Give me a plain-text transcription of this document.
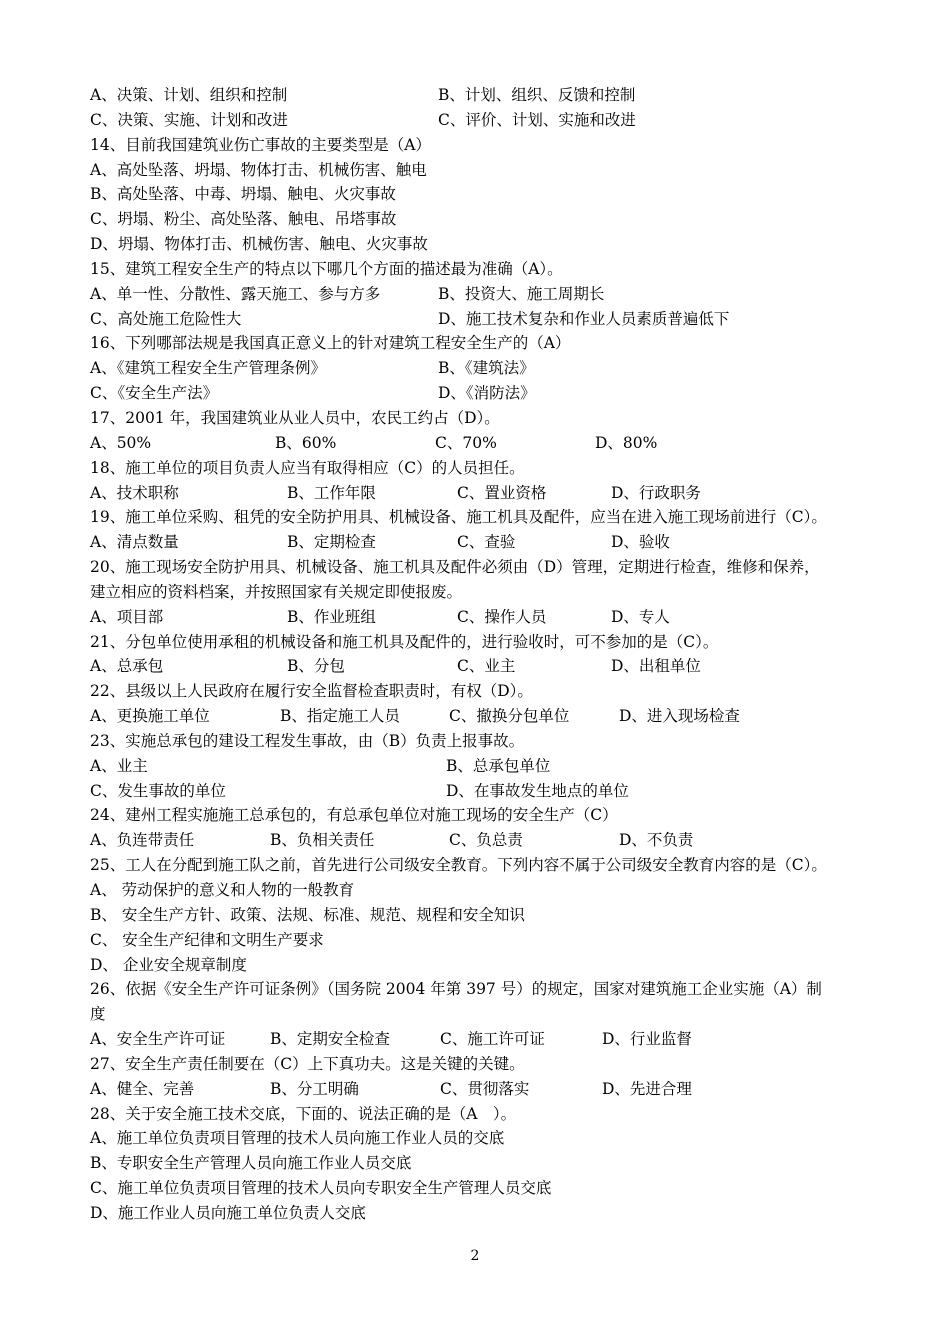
A、决策、计划、组织和控制	B、计划、组织、反馈和控制
C、决策、实施、计划和改进	C、评价、计划、实施和改进
14、目前我国建筑业伤亡事故的主要类型是（A）
A、高处坠落、坍塌、物体打击、机械伤害、触电
B、高处坠落、中毒、坍塌、触电、火灾事故
C、坍塌、粉尘、高处坠落、触电、吊塔事故
D、坍塌、物体打击、机械伤害、触电、火灾事故
15、建筑工程安全生产的特点以下哪几个方面的描述最为准确（A）。
A、单一性、分散性、露天施工、参与方多	B、投资大、施工周期长
C、高处施工危险性大	D、施工技术复杂和作业人员素质普遍低下
16、下列哪部法规是我国真正意义上的针对建筑工程安全生产的（A）
A、《建筑工程安全生产管理条例》	B、《建筑法》
C、《安全生产法》	D、《消防法》
17、2001 年，我国建筑业从业人员中，农民工约占（D）。
A、50%	B、60%	C、70%	D、80%
18、施工单位的项目负责人应当有取得相应（C）的人员担任。
A、技术职称	B、工作年限	C、置业资格	D、行政职务
19、施工单位采购、租凭的安全防护用具、机械设备、施工机具及配件，应当在进入施工现场前进行（C）。
A、清点数量	B、定期检查	C、查验	D、验收
20、施工现场安全防护用具、机械设备、施工机具及配件必须由（D）管理，定期进行检查，维修和保养，
建立相应的资料档案，并按照国家有关规定即使报废。
A、项目部	B、作业班组	C、操作人员	D、专人
21、分包单位使用承租的机械设备和施工机具及配件的，进行验收时，可不参加的是（C）。
A、总承包	B、分包	C、业主	D、出租单位
22、县级以上人民政府在履行安全监督检查职责时，有权（D）。
A、更换施工单位	B、指定施工人员	C、撤换分包单位	D、进入现场检查
23、实施总承包的建设工程发生事故，由（B）负责上报事故。
A、业主	B、总承包单位
C、发生事故的单位	D、在事故发生地点的单位
24、建州工程实施施工总承包的，有总承包单位对施工现场的安全生产（C）
A、负连带责任	B、负相关责任	C、负总责	D、不负责
25、工人在分配到施工队之前，首先进行公司级安全教育。下列内容不属于公司级安全教育内容的是（C）。
A、 劳动保护的意义和人物的一般教育
B、 安全生产方针、政策、法规、标准、规范、规程和安全知识
C、 安全生产纪律和文明生产要求
D、 企业安全规章制度
26、依据《安全生产许可证条例》（国务院 2004 年第 397 号）的规定，国家对建筑施工企业实施（A）制
度
A、安全生产许可证	B、定期安全检查	C、施工许可证	D、行业监督
27、安全生产责任制要在（C）上下真功夫。这是关键的关键。
A、健全、完善	B、分工明确	C、贯彻落实	D、先进合理
28、关于安全施工技术交底，下面的、说法正确的是（A　）。
A、施工单位负责项目管理的技术人员向施工作业人员的交底
B、专职安全生产管理人员向施工作业人员交底
C、施工单位负责项目管理的技术人员向专职安全生产管理人员交底
D、施工作业人员向施工单位负责人交底
2
